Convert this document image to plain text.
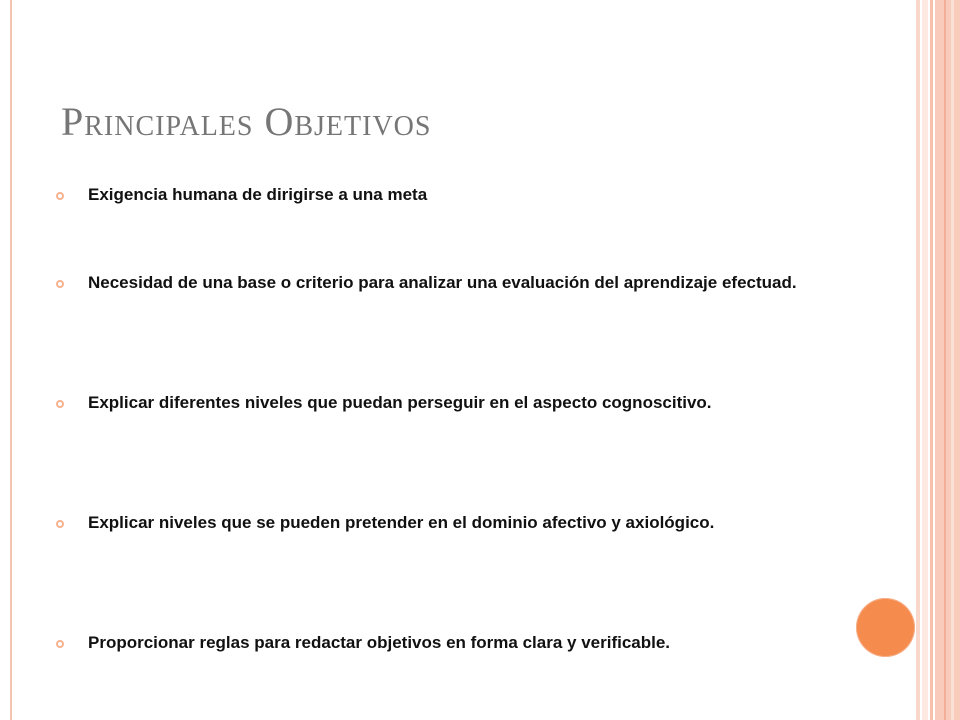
Principales Objetivos
Exigencia humana de dirigirse a una meta
Necesidad de una base o criterio para analizar una evaluación del aprendizaje efectuad.
Explicar diferentes niveles que puedan perseguir en el aspecto cognoscitivo.
Explicar niveles que se pueden pretender en el dominio afectivo y axiológico.
Proporcionar reglas para redactar objetivos en forma clara y verificable.
